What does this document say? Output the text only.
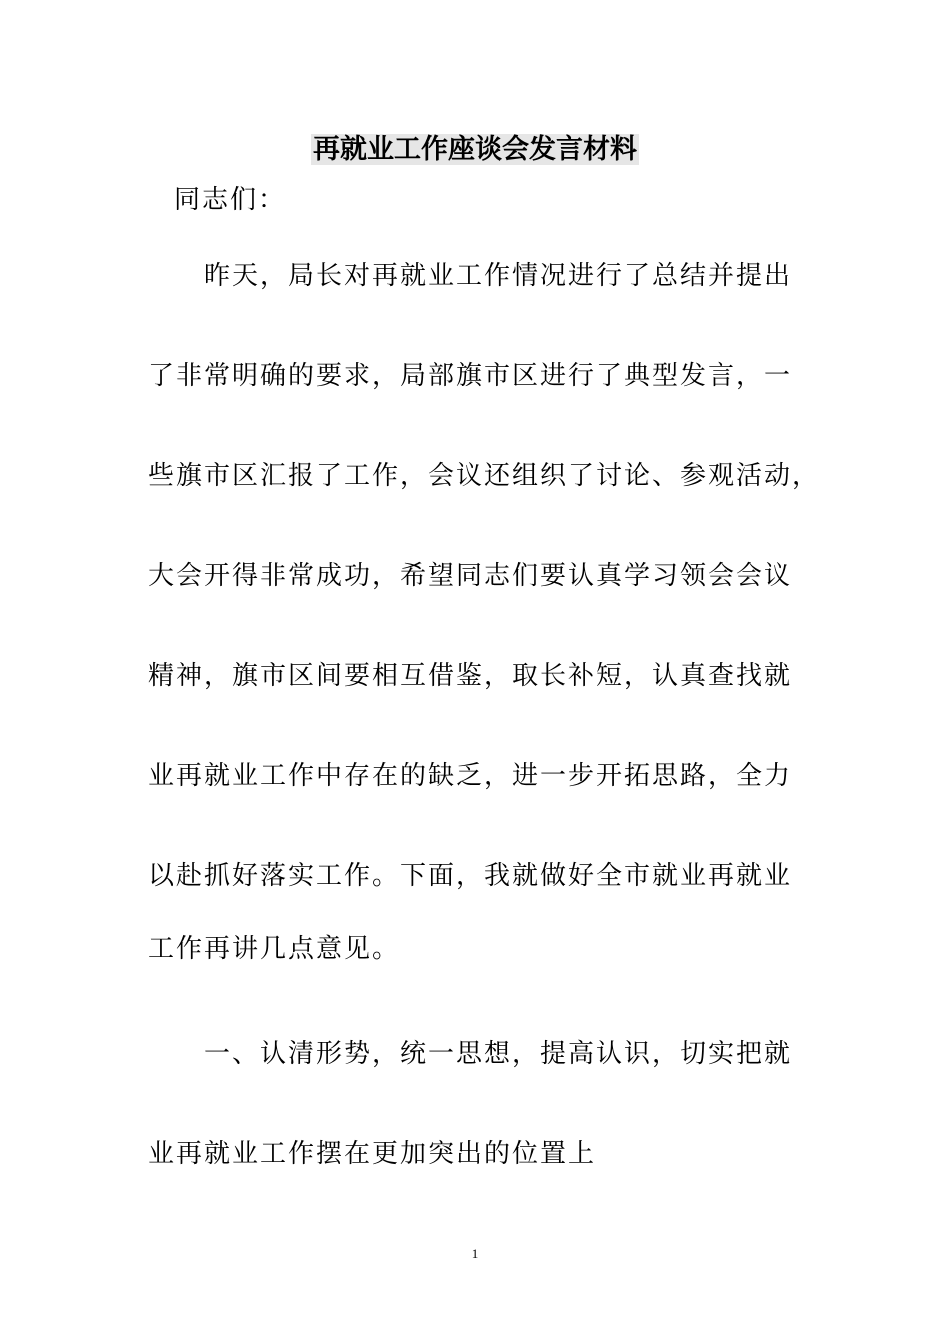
再就业工作座谈会发言材料
同志们：
昨天，局长对再就业工作情况进行了总结并提出
了非常明确的要求，局部旗市区进行了典型发言，一
些旗市区汇报了工作，会议还组织了讨论、参观活动，
大会开得非常成功，希望同志们要认真学习领会会议
精神，旗市区间要相互借鉴，取长补短，认真查找就
业再就业工作中存在的缺乏，进一步开拓思路，全力
以赴抓好落实工作。下面，我就做好全市就业再就业
工作再讲几点意见。
一、认清形势，统一思想，提高认识，切实把就
业再就业工作摆在更加突出的位置上
1
